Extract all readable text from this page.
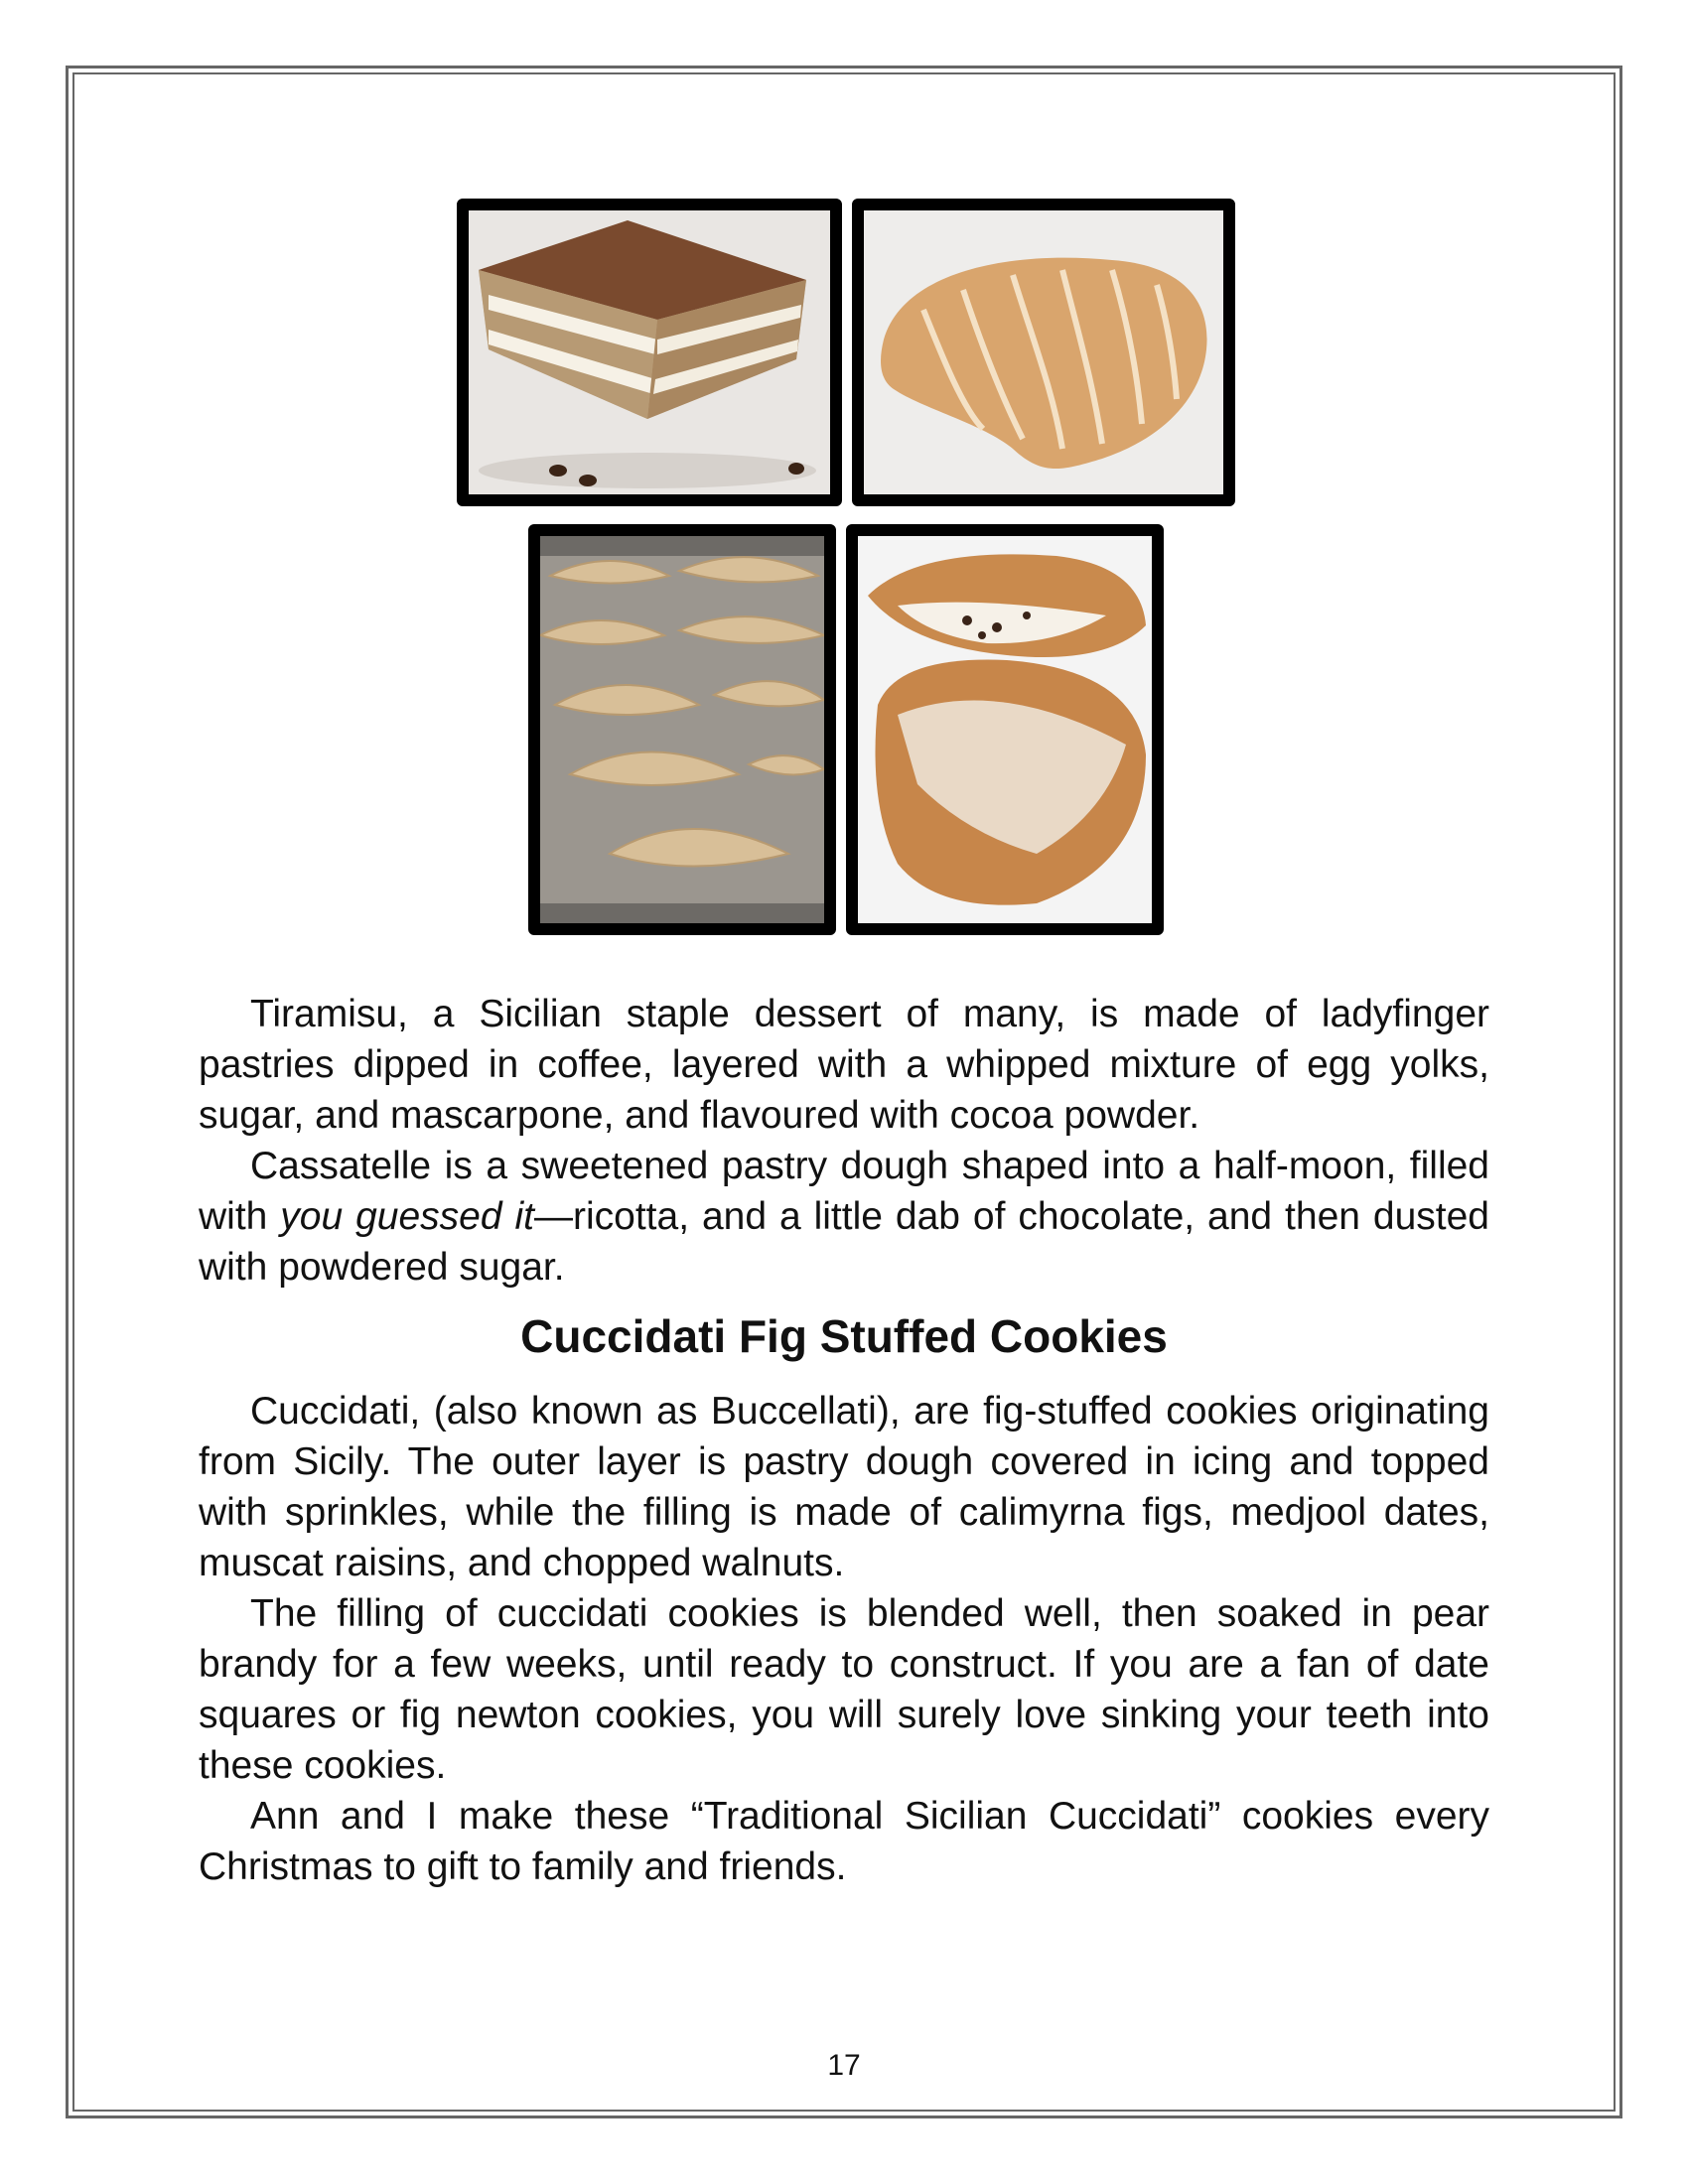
Tiramisu, a Sicilian staple dessert of many, is made of ladyfinger pastries dipped in coffee, layered with a whipped mixture of egg yolks, sugar, and mascarpone, and flavoured with cocoa powder.

Cassatelle is a sweetened pastry dough shaped into a half-moon, filled with you guessed it—ricotta, and a little dab of chocolate, and then dusted with powdered sugar.

Cuccidati Fig Stuffed Cookies

Cuccidati, (also known as Buccellati), are fig-stuffed cookies originating from Sicily. The outer layer is pastry dough covered in icing and topped with sprinkles, while the filling is made of calimyrna figs, medjool dates, muscat raisins, and chopped walnuts.

The filling of cuccidati cookies is blended well, then soaked in pear brandy for a few weeks, until ready to construct. If you are a fan of date squares or fig newton cookies, you will surely love sinking your teeth into these cookies.

Ann and I make these “Traditional Sicilian Cuccidati” cookies every Christmas to gift to family and friends.

17
